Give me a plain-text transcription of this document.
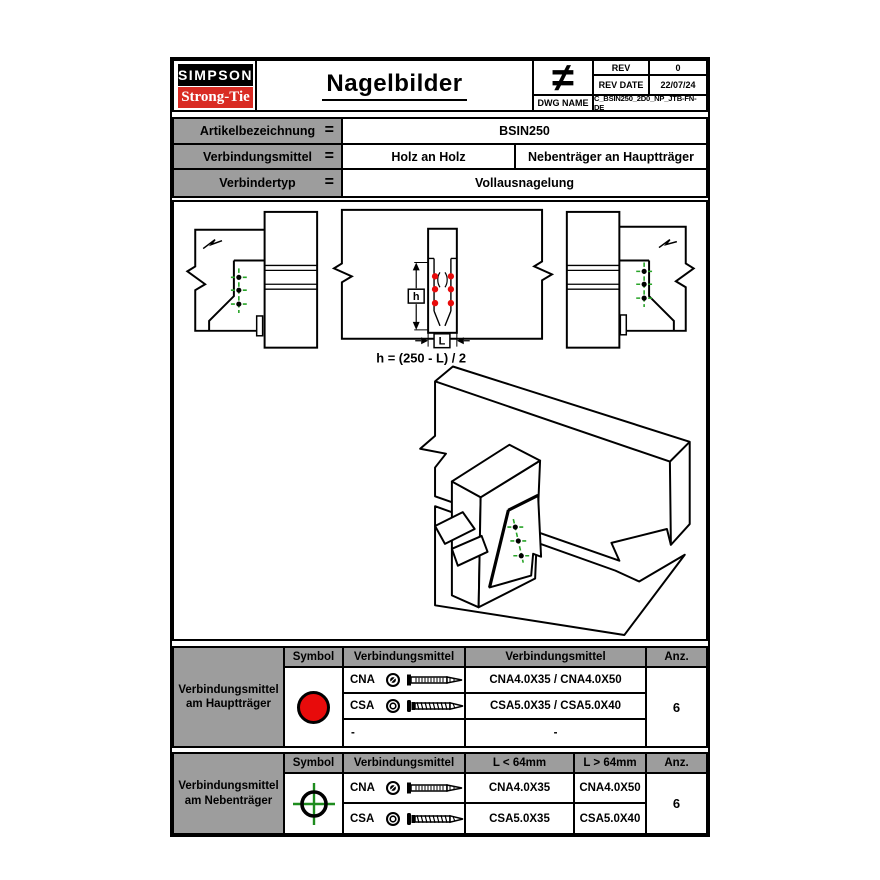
SIMPSON
Strong-Tie	Nagelbilder	≠	REV	0
REV DATE	22/07/24
DWG NAME C_BSIN250_2D0_NP_JTB-FN-DE
Artikelbezeichnung =	BSIN250
Verbindungsmittel =	Holz an Holz	Nebenträger an Hauptträger
Verbindertyp =	Vollausnagelung
h
L
h = (250 - L) / 2
Verbindungsmittel
am Hauptträger
Symbol	Verbindungsmittel	Verbindungsmittel	Anz.
CNA	CNA4.0X35 / CNA4.0X50
CSA	CSA5.0X35 / CSA5.0X40
-	-
6
Verbindungsmittel
am Nebenträger
Symbol	Verbindungsmittel	L < 64mm	L > 64mm	Anz.
CNA	CNA4.0X35	CNA4.0X50
CSA	CSA5.0X35	CSA5.0X40
6
